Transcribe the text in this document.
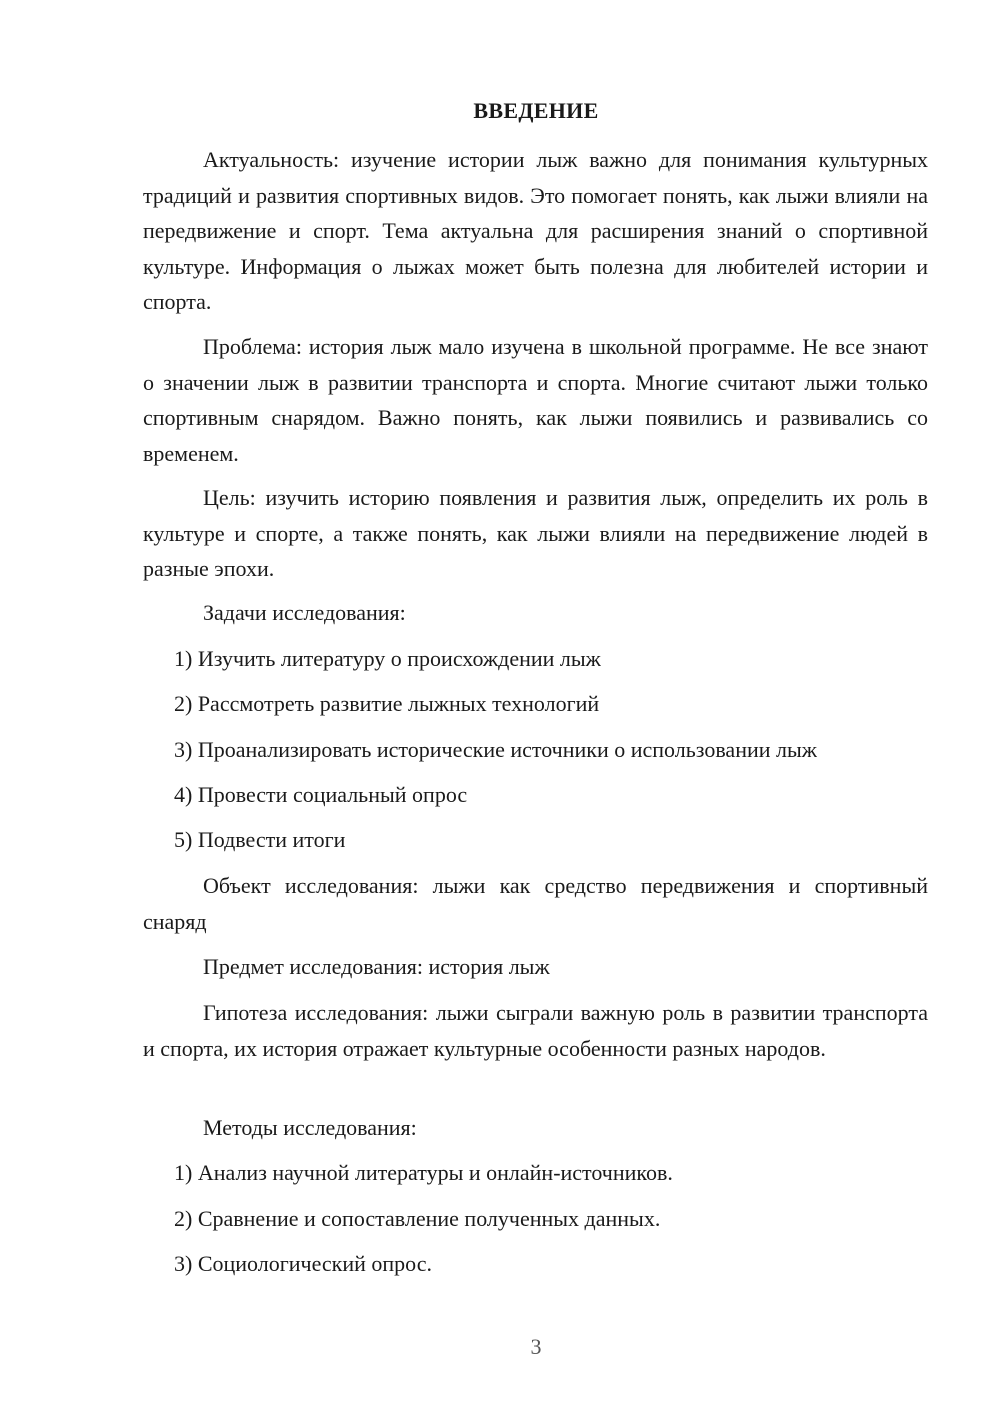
ВВЕДЕНИЕ

Актуальность: изучение истории лыж важно для понимания культурных традиций и развития спортивных видов. Это помогает понять, как лыжи влияли на передвижение и спорт. Тема актуальна для расширения знаний о спортивной культуре. Информация о лыжах может быть полезна для любителей истории и спорта.

Проблема: история лыж мало изучена в школьной программе. Не все знают о значении лыж в развитии транспорта и спорта. Многие считают лыжи только спортивным снарядом. Важно понять, как лыжи появились и развивались со временем.

Цель: изучить историю появления и развития лыж, определить их роль в культуре и спорте, а также понять, как лыжи влияли на передвижение людей в разные эпохи.

Задачи исследования:

1) Изучить литературу о происхождении лыж

2) Рассмотреть развитие лыжных технологий

3) Проанализировать исторические источники о использовании лыж

4) Провести социальный опрос

5) Подвести итоги

Объект исследования: лыжи как средство передвижения и спортивный снаряд

Предмет исследования: история лыж

Гипотеза исследования: лыжи сыграли важную роль в развитии транспорта и спорта, их история отражает культурные особенности разных народов.

Методы исследования:

1) Анализ научной литературы и онлайн-источников.

2) Сравнение и сопоставление полученных данных.

3) Социологический опрос.

3
